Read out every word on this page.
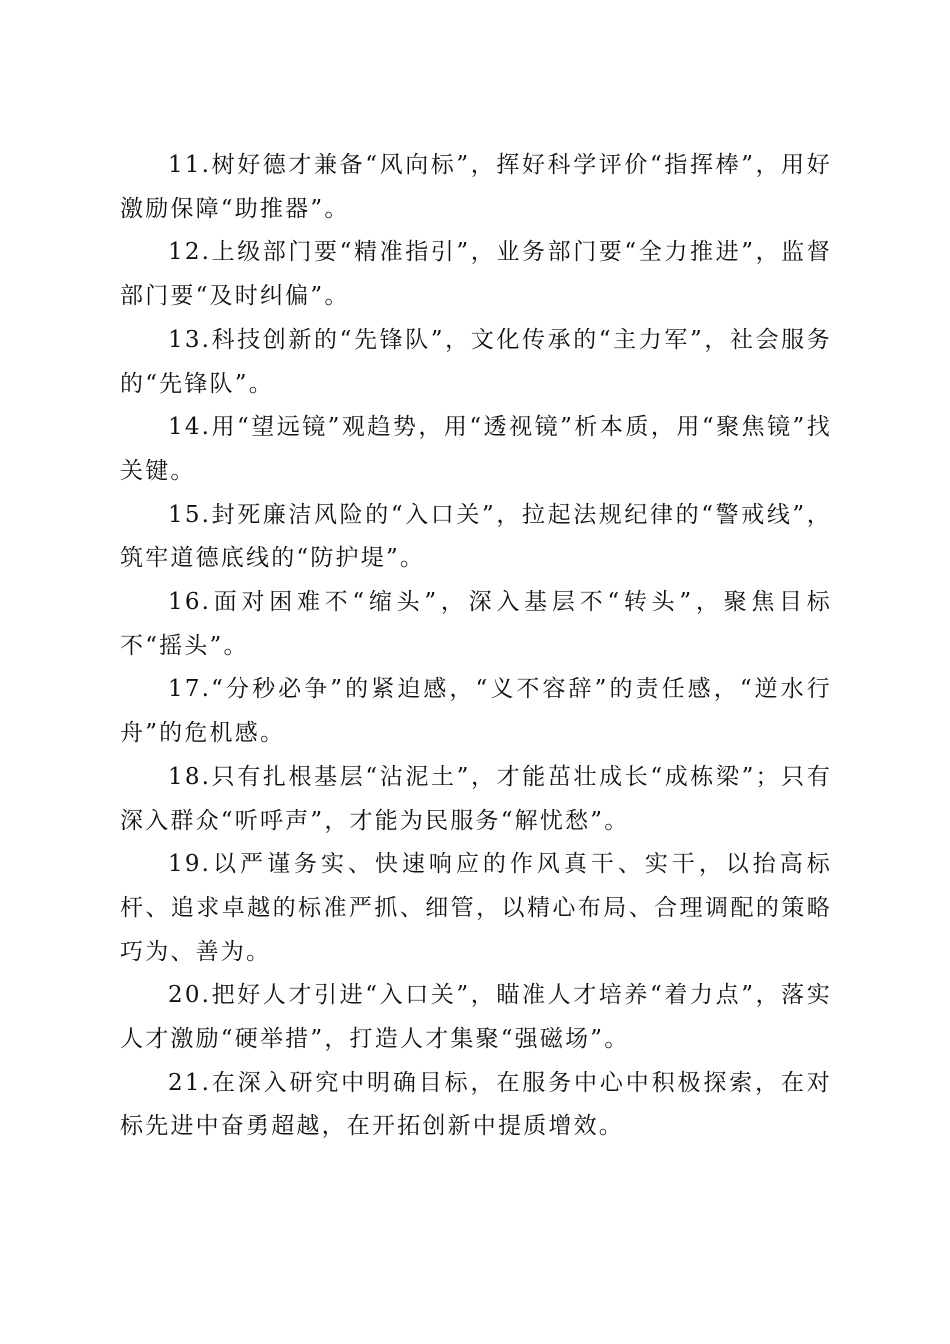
11.树好德才兼备“风向标”，挥好科学评价“指挥棒”，用好激励保障“助推器”。

12.上级部门要“精准指引”，业务部门要“全力推进”，监督部门要“及时纠偏”。

13.科技创新的“先锋队”，文化传承的“主力军”，社会服务的“先锋队”。

14.用“望远镜”观趋势，用“透视镜”析本质，用“聚焦镜”找关键。

15.封死廉洁风险的“入口关”，拉起法规纪律的“警戒线”，筑牢道德底线的“防护堤”。

16.面对困难不“缩头”，深入基层不“转头”，聚焦目标不“摇头”。

17.“分秒必争”的紧迫感，“义不容辞”的责任感，“逆水行舟”的危机感。

18.只有扎根基层“沾泥土”，才能茁壮成长“成栋梁”；只有深入群众“听呼声”，才能为民服务“解忧愁”。

19.以严谨务实、快速响应的作风真干、实干，以抬高标杆、追求卓越的标准严抓、细管，以精心布局、合理调配的策略巧为、善为。

20.把好人才引进“入口关”，瞄准人才培养“着力点”，落实人才激励“硬举措”，打造人才集聚“强磁场”。

21.在深入研究中明确目标，在服务中心中积极探索，在对标先进中奋勇超越，在开拓创新中提质增效。
